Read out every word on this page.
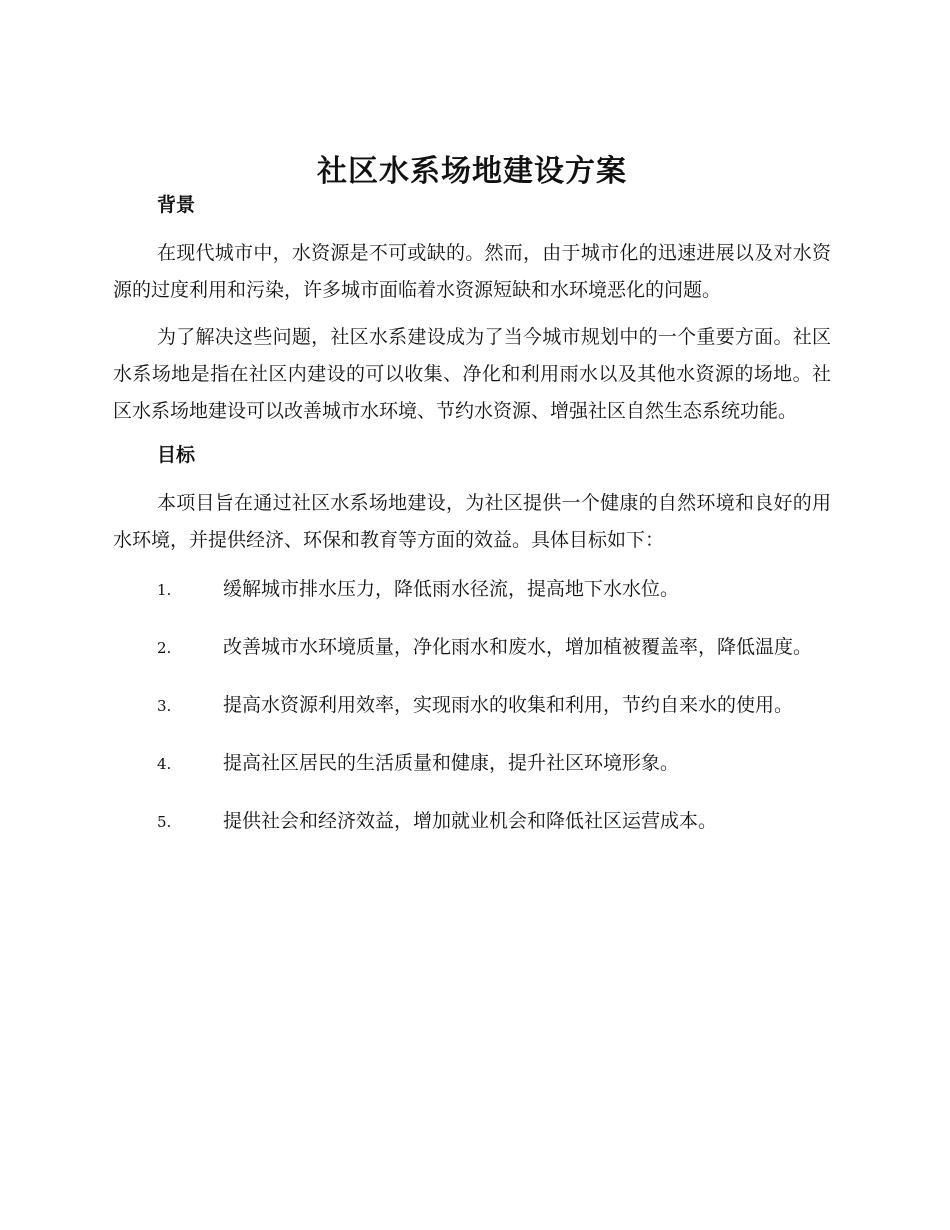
社区水系场地建设方案
背景

在现代城市中，水资源是不可或缺的。然而，由于城市化的迅速进展以及对水资源的过度利用和污染，许多城市面临着水资源短缺和水环境恶化的问题。

为了解决这些问题，社区水系建设成为了当今城市规划中的一个重要方面。社区水系场地是指在社区内建设的可以收集、净化和利用雨水以及其他水资源的场地。社区水系场地建设可以改善城市水环境、节约水资源、增强社区自然生态系统功能。

目标

本项目旨在通过社区水系场地建设，为社区提供一个健康的自然环境和良好的用水环境，并提供经济、环保和教育等方面的效益。具体目标如下：

1.	缓解城市排水压力，降低雨水径流，提高地下水水位。
2.	改善城市水环境质量，净化雨水和废水，增加植被覆盖率，降低温度。
3.	提高水资源利用效率，实现雨水的收集和利用，节约自来水的使用。
4.	提高社区居民的生活质量和健康，提升社区环境形象。
5.	提供社会和经济效益，增加就业机会和降低社区运营成本。
